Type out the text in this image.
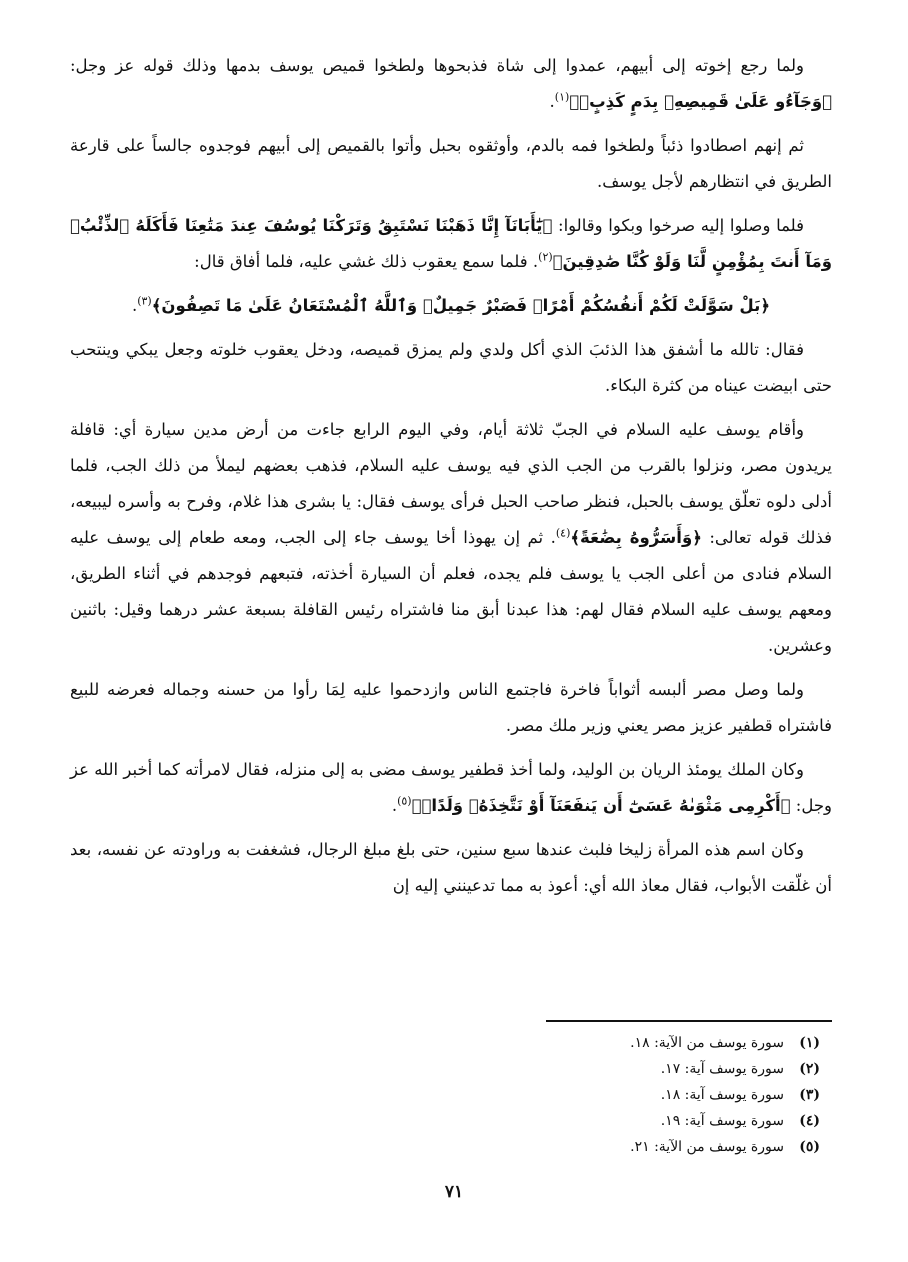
ولما رجع إخوته إلى أبيهم، عمدوا إلى شاة فذبحوها ولطخوا قميص يوسف بدمها وذلك قوله عز وجل: ﴿وَجَآءُو عَلَىٰ قَمِيصِهِۦ بِدَمٍ كَذِبٍۚ﴾$^{(١)}$.

ثم إنهم اصطادوا ذئباً ولطخوا فمه بالدم، وأوثقوه بحبل وأتوا بالقميص إلى أبيهم فوجدوه جالساً على قارعة الطريق في انتظارهم لأجل يوسف.

فلما وصلوا إليه صرخوا وبكوا وقالوا: ﴿يَٰٓأَبَانَآ إِنَّا ذَهَبْنَا نَسْتَبِقُ وَتَرَكْنَا يُوسُفَ عِندَ مَتَٰعِنَا فَأَكَلَهُ ٱلذِّئْبُۖ وَمَآ أَنتَ بِمُؤْمِنٍ لَّنَا وَلَوْ كُنَّا صَٰدِقِينَ﴾$^{(٢)}$. فلما سمع يعقوب ذلك غشي عليه، فلما أفاق قال:

﴿بَلْ سَوَّلَتْ لَكُمْ أَنفُسُكُمْ أَمْرًاۖ فَصَبْرٌ جَمِيلٌۖ وَٱللَّهُ ٱلْمُسْتَعَانُ عَلَىٰ مَا تَصِفُونَ﴾$^{(٣)}$.

فقال: تالله ما أشفق هذا الذئبَ الذي أكل ولدي ولم يمزق قميصه، ودخل يعقوب خلوته وجعل يبكي وينتحب حتى ابيضت عيناه من كثرة البكاء.

وأقام يوسف عليه السلام في الجبّ ثلاثة أيام، وفي اليوم الرابع جاءت من أرض مدين سيارة أي: قافلة يريدون مصر، ونزلوا بالقرب من الجب الذي فيه يوسف عليه السلام، فذهب بعضهم ليملأ من ذلك الجب، فلما أدلى دلوه تعلّق يوسف بالحبل، فنظر صاحب الحبل فرأى يوسف فقال: يا بشرى هذا غلام، وفرح به وأسره ليبيعه، فذلك قوله تعالى: ﴿وَأَسَرُّوهُ بِضَٰعَةً﴾$^{(٤)}$. ثم إن يهوذا أخا يوسف جاء إلى الجب، ومعه طعام إلى يوسف عليه السلام فنادى من أعلى الجب يا يوسف فلم يجده، فعلم أن السيارة أخذته، فتبعهم فوجدهم في أثناء الطريق، ومعهم يوسف عليه السلام فقال لهم: هذا عبدنا أبق منا فاشتراه رئيس القافلة بسبعة عشر درهما وقيل: باثنين وعشرين.

ولما وصل مصر ألبسه أثواباً فاخرة فاجتمع الناس وازدحموا عليه لِمَا رأوا من حسنه وجماله فعرضه للبيع فاشتراه قطفير عزيز مصر يعني وزير ملك مصر.

وكان الملك يومئذ الريان بن الوليد، ولما أخذ قطفير يوسف مضى به إلى منزله، فقال لامرأته كما أخبر الله عز وجل: ﴿أَكْرِمِى مَثْوَىٰهُ عَسَىٰٓ أَن يَنفَعَنَآ أَوْ نَتَّخِذَهُۥ وَلَدًاۚ﴾$^{(٥)}$.

وكان اسم هذه المرأة زليخا فلبث عندها سبع سنين، حتى بلغ مبلغ الرجال، فشغفت به وراودته عن نفسه، بعد أن غلّقت الأبواب، فقال معاذ الله أي: أعوذ به مما تدعينني إليه إن

(١)
سورة يوسف من الآية: ١٨.
(٢)
سورة يوسف آية: ١٧.
(٣)
سورة يوسف آية: ١٨.
(٤)
سورة يوسف آية: ١٩.
(٥)
سورة يوسف من الآية: ٢١.
٧١
